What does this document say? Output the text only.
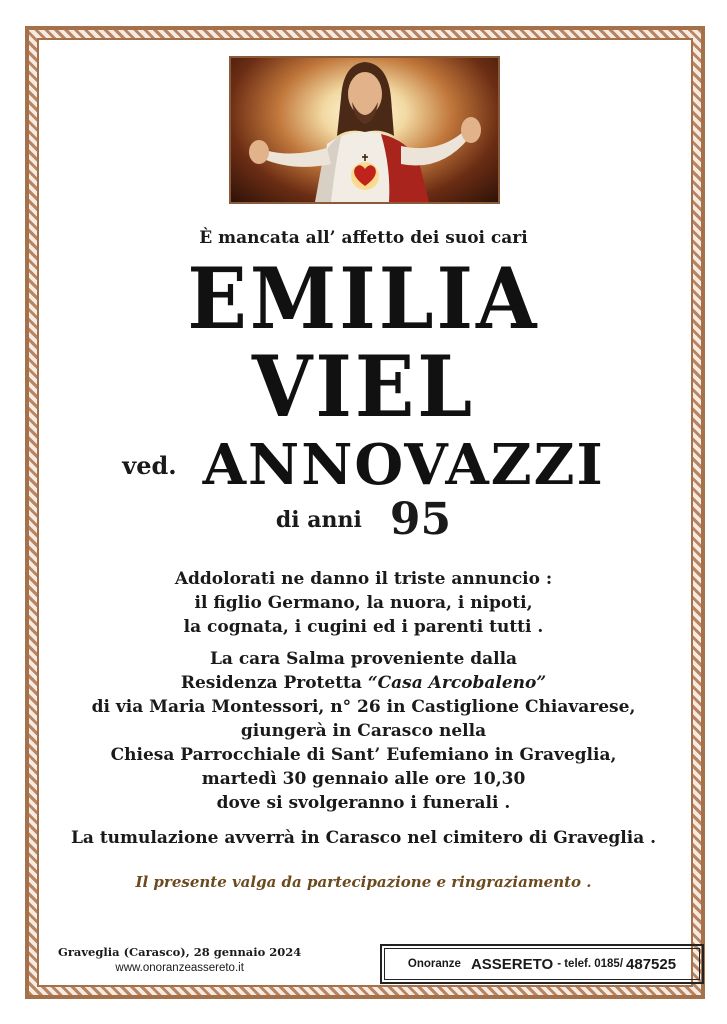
È mancata all’ affetto dei suoi cari
EMILIA
VIEL
ved. ANNOVAZZI
di anni 95
Addolorati ne danno il triste annuncio :
il figlio Germano, la nuora, i nipoti,
la cognata, i cugini ed i parenti tutti .
La cara Salma proveniente dalla
Residenza Protetta “Casa Arcobaleno”
di via Maria Montessori, n° 26 in Castiglione Chiavarese,
giungerà in Carasco nella
Chiesa Parrocchiale di Sant’ Eufemiano in Graveglia,
martedì 30 gennaio alle ore 10,30
dove si svolgeranno i funerali .
La tumulazione avverrà in Carasco nel cimitero di Graveglia .
Il presente valga da partecipazione e ringraziamento .
Graveglia (Carasco), 28 gennaio 2024
www.onoranzeassereto.it	Onoranze ASSERETO - telef. 0185/ 487525
